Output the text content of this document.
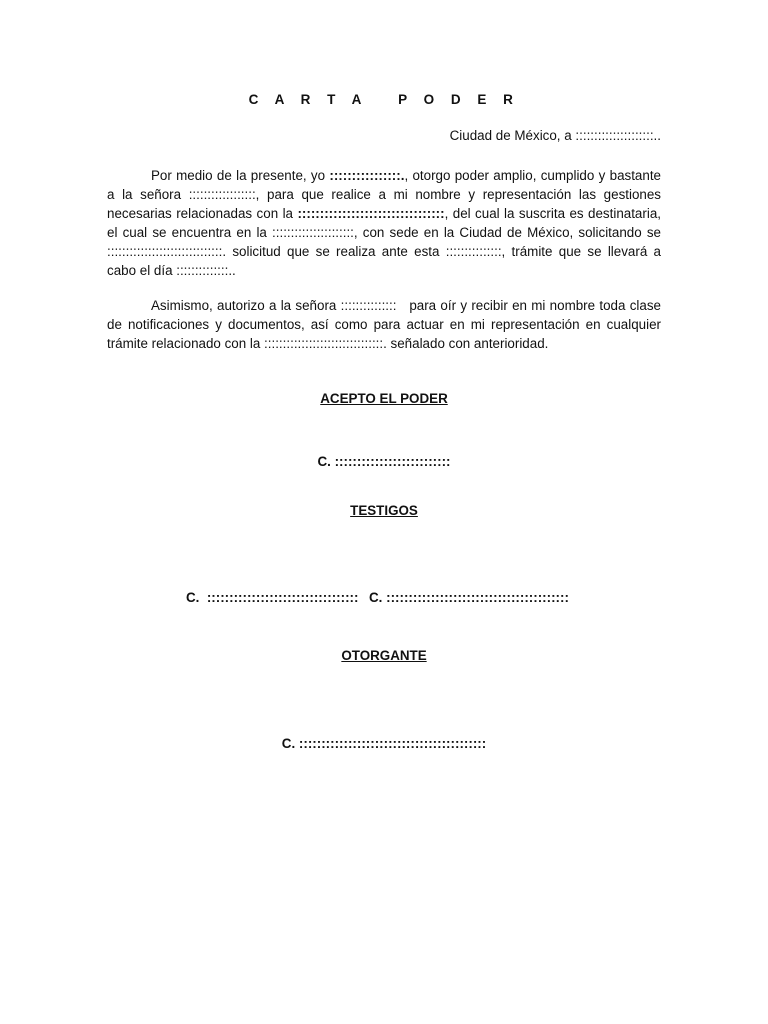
C A R T A   P O D E R
Ciudad de México, a :::::::::::::::::::::..

Por medio de la presente, yo ::::::::::::::::., otorgo poder amplio, cumplido y bastante a la señora ::::::::::::::::::, para que realice a mi nombre y representación las gestiones necesarias relacionadas con la :::::::::::::::::::::::::::::::::, del cual la suscrita es destinataria, el cual se encuentra en la ::::::::::::::::::::::, con sede en la Ciudad de México, solicitando se :::::::::::::::::::::::::::::::. solicitud que se realiza ante esta :::::::::::::::, trámite que se llevará a cabo el día ::::::::::::::..

Asimismo, autorizo a la señora :::::::::::::::   para oír y recibir en mi nombre toda clase de notificaciones y documentos, así como para actuar en mi representación en cualquier trámite relacionado con la ::::::::::::::::::::::::::::::::. señalado con anterioridad.

ACEPTO EL PODER
C. ::::::::::::::::::::::::::
TESTIGOS
C.  :::::::::::::::::::::::::::::::::: C. :::::::::::::::::::::::::::::::::::::::::
OTORGANTE
C. ::::::::::::::::::::::::::::::::::::::::::
